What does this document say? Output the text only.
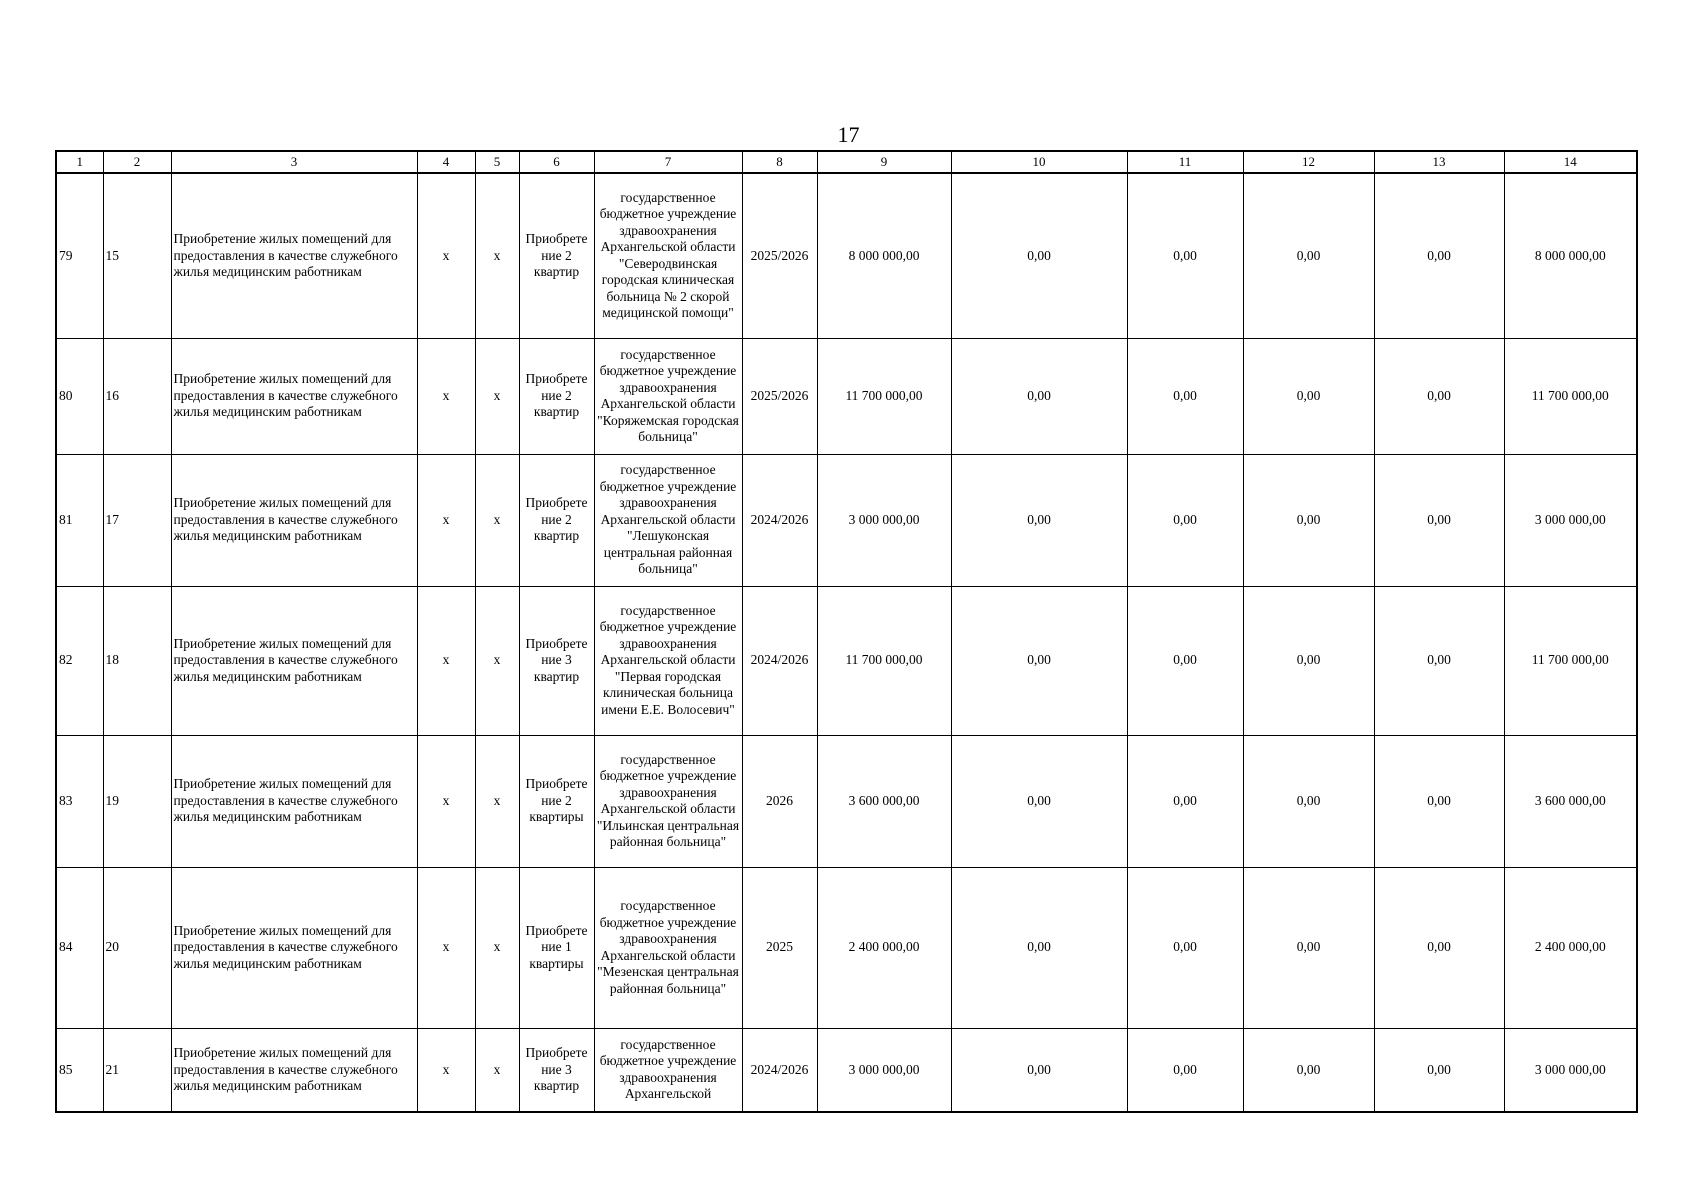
17
1	2	3	4	5	6	7	8	9	10	11	12	13	14
79	15	Приобретение жилых помещений для предоставления в качестве служебного жилья медицинским работникам	x	x	Приобрете ние 2 квартир	государственное бюджетное учреждение здравоохранения Архангельской области "Северодвинская городская клиническая больница № 2 скорой медицинской помощи"	2025/2026	8 000 000,00	0,00	0,00	0,00	0,00	8 000 000,00
80	16	Приобретение жилых помещений для предоставления в качестве служебного жилья медицинским работникам	x	x	Приобрете ние 2 квартир	государственное бюджетное учреждение здравоохранения Архангельской области "Коряжемская городская больница"	2025/2026	11 700 000,00	0,00	0,00	0,00	0,00	11 700 000,00
81	17	Приобретение жилых помещений для предоставления в качестве служебного жилья медицинским работникам	x	x	Приобрете ние 2 квартир	государственное бюджетное учреждение здравоохранения Архангельской области "Лешуконская центральная районная больница"	2024/2026	3 000 000,00	0,00	0,00	0,00	0,00	3 000 000,00
82	18	Приобретение жилых помещений для предоставления в качестве служебного жилья медицинским работникам	x	x	Приобрете ние 3 квартир	государственное бюджетное учреждение здравоохранения Архангельской области "Первая городская клиническая больница имени Е.Е. Волосевич"	2024/2026	11 700 000,00	0,00	0,00	0,00	0,00	11 700 000,00
83	19	Приобретение жилых помещений для предоставления в качестве служебного жилья медицинским работникам	x	x	Приобрете ние 2 квартиры	государственное бюджетное учреждение здравоохранения Архангельской области "Ильинская центральная районная больница"	2026	3 600 000,00	0,00	0,00	0,00	0,00	3 600 000,00
84	20	Приобретение жилых помещений для предоставления в качестве служебного жилья медицинским работникам	x	x	Приобрете ние 1 квартиры	государственное бюджетное учреждение здравоохранения Архангельской области "Мезенская центральная районная больница"	2025	2 400 000,00	0,00	0,00	0,00	0,00	2 400 000,00
85	21	Приобретение жилых помещений для предоставления в качестве служебного жилья медицинским работникам	x	x	Приобрете ние 3 квартир	государственное бюджетное учреждение здравоохранения Архангельской	2024/2026	3 000 000,00	0,00	0,00	0,00	0,00	3 000 000,00
